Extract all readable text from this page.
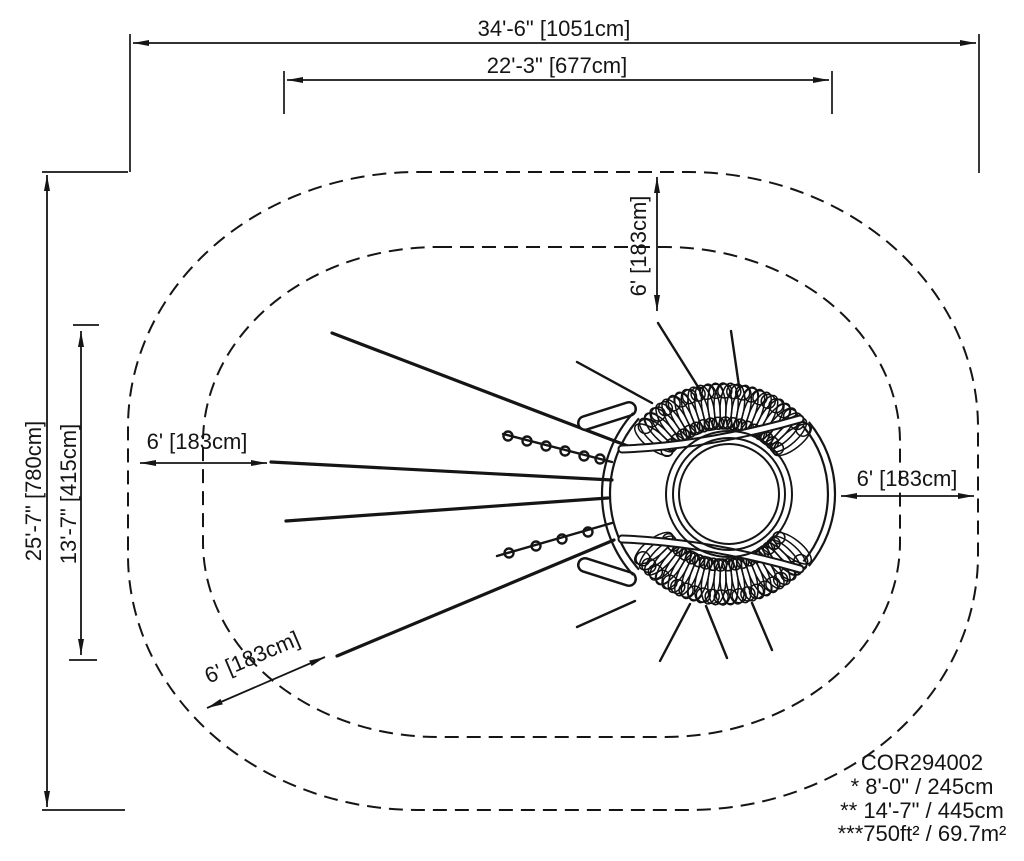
34'-6" [1051cm]
22'-3" [677cm]
25'-7" [780cm] 13'-7" [415cm]
6' [183cm]
6' [183cm]
6' [183cm]
6' [183cm]
COR294002
* 8'-0" / 245cm
** 14'-7" / 445cm
***750ft² / 69.7m²
